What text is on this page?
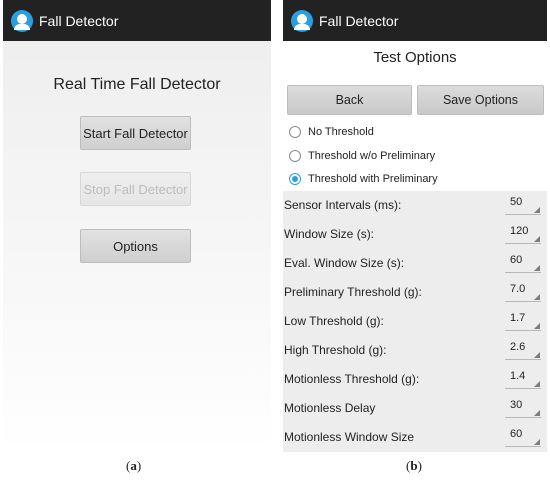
Fall Detector
Real Time Fall Detector
Start Fall Detector
Stop Fall Detector
Options
Fall Detector
Test Options
Back	Save Options
No Threshold
Threshold w/o Preliminary
Threshold with Preliminary
Sensor Intervals (ms):	50
Window Size (s):	120
Eval. Window Size (s):	60
Preliminary Threshold (g):	7.0
Low Threshold (g):	1.7
High Threshold (g):	2.6
Motionless Threshold (g):	1.4
Motionless Delay	30
Motionless Window Size	60
(a)	(b)
